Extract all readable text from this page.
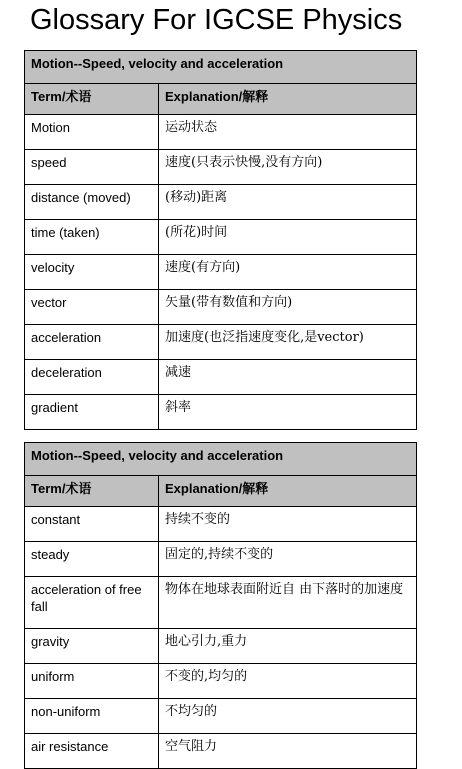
Glossary For IGCSE Physics
Motion--Speed, velocity and acceleration	
Term/术语	Explanation/解释
Motion	运动状态
speed	速度(只表示快慢,没有方向)
distance (moved)	(移动)距离
time (taken)	(所花)时间
velocity	速度(有方向)
vector	矢量(带有数值和方向)
acceleration	加速度(也泛指速度变化,是vector)
deceleration	减速
gradient	斜率
Motion--Speed, velocity and acceleration	
Term/术语	Explanation/解释
constant	持续不变的
steady	固定的,持续不变的
acceleration of free fall	物体在地球表面附近自 由下落时的加速度
gravity	地心引力,重力
uniform	不变的,均匀的
non-uniform	不均匀的
air resistance	空气阻力
